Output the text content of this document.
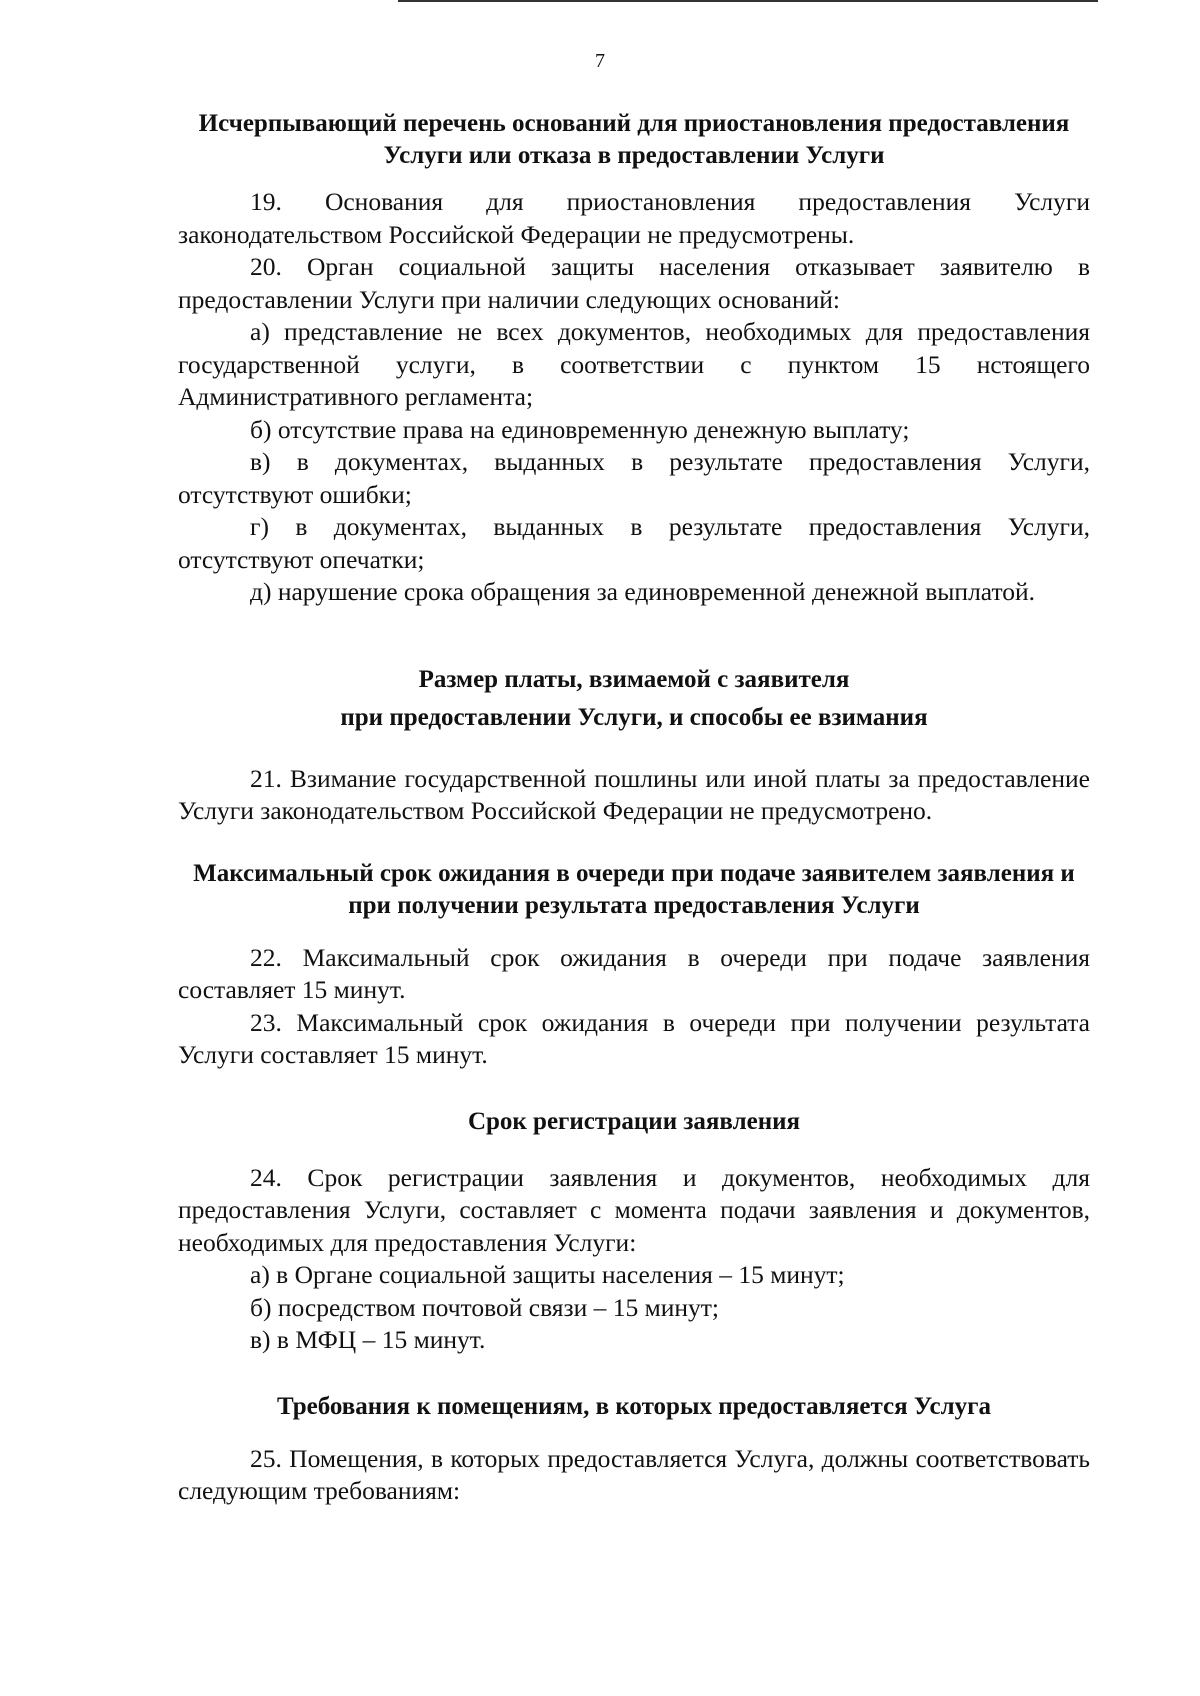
7
Исчерпывающий перечень оснований для приостановления предоставления Услуги или отказа в предоставлении Услуги

19. Основания для приостановления предоставления Услуги законодательством Российской Федерации не предусмотрены.

20. Орган социальной защиты населения отказывает заявителю в предоставлении Услуги при наличии следующих оснований:

а) представление не всех документов, необходимых для предоставления государственной услуги, в соответствии с пунктом 15 нстоящего Административного регламента;

б) отсутствие права на единовременную денежную выплату;

в) в документах, выданных в результате предоставления Услуги, отсутствуют ошибки;

г) в документах, выданных в результате предоставления Услуги, отсутствуют опечатки;

д) нарушение срока обращения за единовременной денежной выплатой.

Размер платы, взимаемой с заявителя
при предоставлении Услуги, и способы ее взимания

21. Взимание государственной пошлины или иной платы за предоставление Услуги законодательством Российской Федерации не предусмотрено.

Максимальный срок ожидания в очереди при подаче заявителем заявления и при получении результата предоставления Услуги

22. Максимальный срок ожидания в очереди при подаче заявления составляет 15 минут.

23. Максимальный срок ожидания в очереди при получении результата Услуги составляет 15 минут.

Срок регистрации заявления

24. Срок регистрации заявления и документов, необходимых для предоставления Услуги, составляет с момента подачи заявления и документов, необходимых для предоставления Услуги:

а) в Органе социальной защиты населения – 15 минут;

б) посредством почтовой связи – 15 минут;

в) в МФЦ – 15 минут.

Требования к помещениям, в которых предоставляется Услуга

25. Помещения, в которых предоставляется Услуга, должны соответствовать следующим требованиям:
